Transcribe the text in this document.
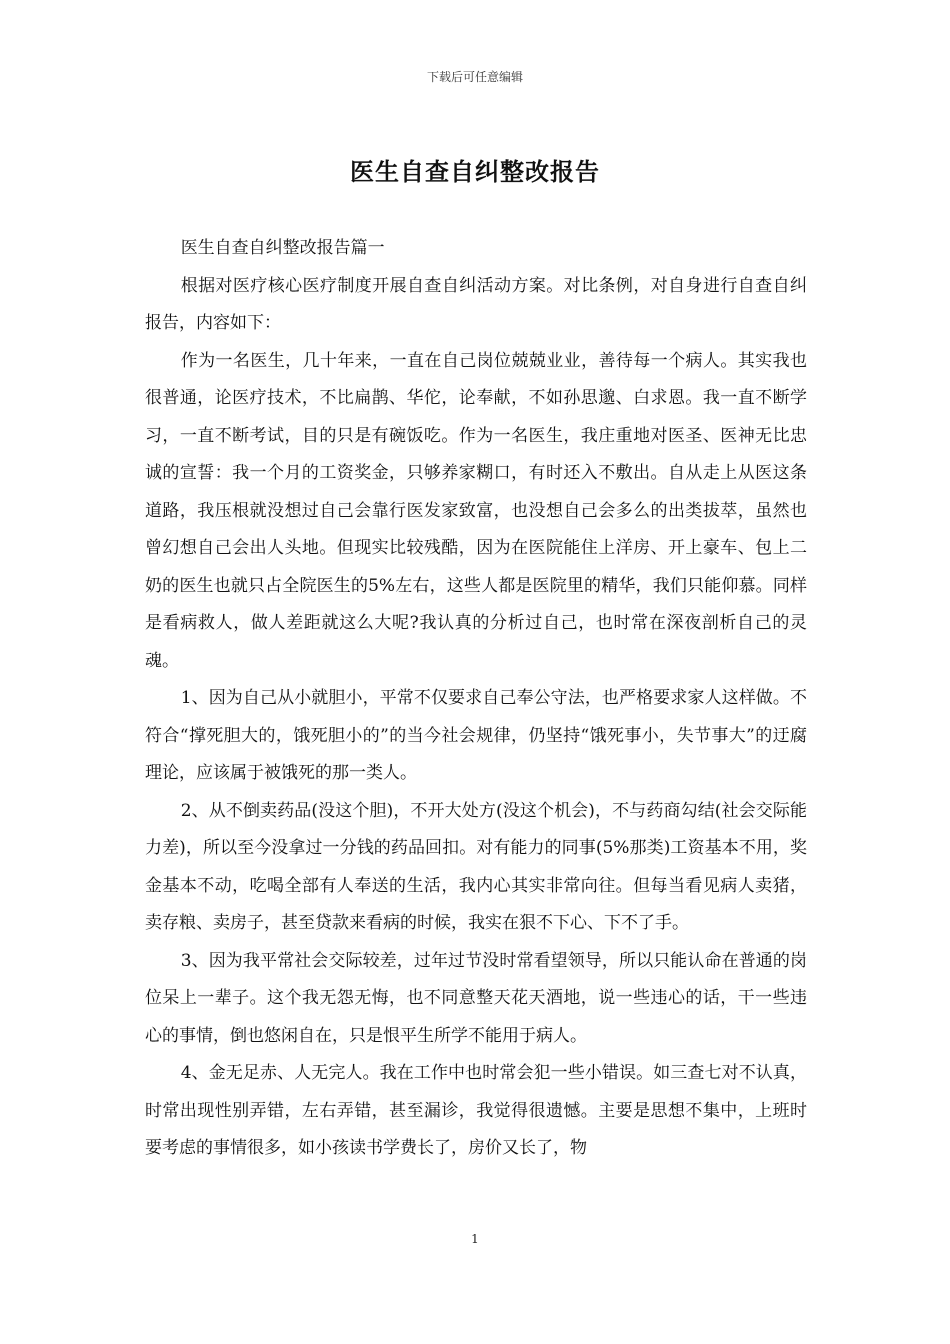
下载后可任意编辑
医生自查自纠整改报告

医生自查自纠整改报告篇一

根据对医疗核心医疗制度开展自查自纠活动方案。对比条例，对自身进行自查自纠报告，内容如下：

作为一名医生，几十年来，一直在自己岗位兢兢业业，善待每一个病人。其实我也很普通，论医疗技术，不比扁鹊、华佗，论奉献，不如孙思邈、白求恩。我一直不断学习，一直不断考试，目的只是有碗饭吃。作为一名医生，我庄重地对医圣、医神无比忠诚的宣誓：我一个月的工资奖金，只够养家糊口，有时还入不敷出。自从走上从医这条道路，我压根就没想过自己会靠行医发家致富，也没想自己会多么的出类拔萃，虽然也曾幻想自己会出人头地。但现实比较残酷，因为在医院能住上洋房、开上豪车、包上二奶的医生也就只占全院医生的5%左右，这些人都是医院里的精华，我们只能仰慕。同样是看病救人，做人差距就这么大呢?我认真的分析过自己，也时常在深夜剖析自己的灵魂。

1、因为自己从小就胆小，平常不仅要求自己奉公守法，也严格要求家人这样做。不符合“撑死胆大的，饿死胆小的”的当今社会规律，仍坚持“饿死事小，失节事大”的迂腐理论，应该属于被饿死的那一类人。

2、从不倒卖药品(没这个胆)，不开大处方(没这个机会)，不与药商勾结(社会交际能力差)，所以至今没拿过一分钱的药品回扣。对有能力的同事(5%那类)工资基本不用，奖金基本不动，吃喝全部有人奉送的生活，我内心其实非常向往。但每当看见病人卖猪，卖存粮、卖房子，甚至贷款来看病的时候，我实在狠不下心、下不了手。

3、因为我平常社会交际较差，过年过节没时常看望领导，所以只能认命在普通的岗位呆上一辈子。这个我无怨无悔，也不同意整天花天酒地，说一些违心的话，干一些违心的事情，倒也悠闲自在，只是恨平生所学不能用于病人。

4、金无足赤、人无完人。我在工作中也时常会犯一些小错误。如三查七对不认真，时常出现性别弄错，左右弄错，甚至漏诊，我觉得很遗憾。主要是思想不集中，上班时要考虑的事情很多，如小孩读书学费长了，房价又长了，物

1
